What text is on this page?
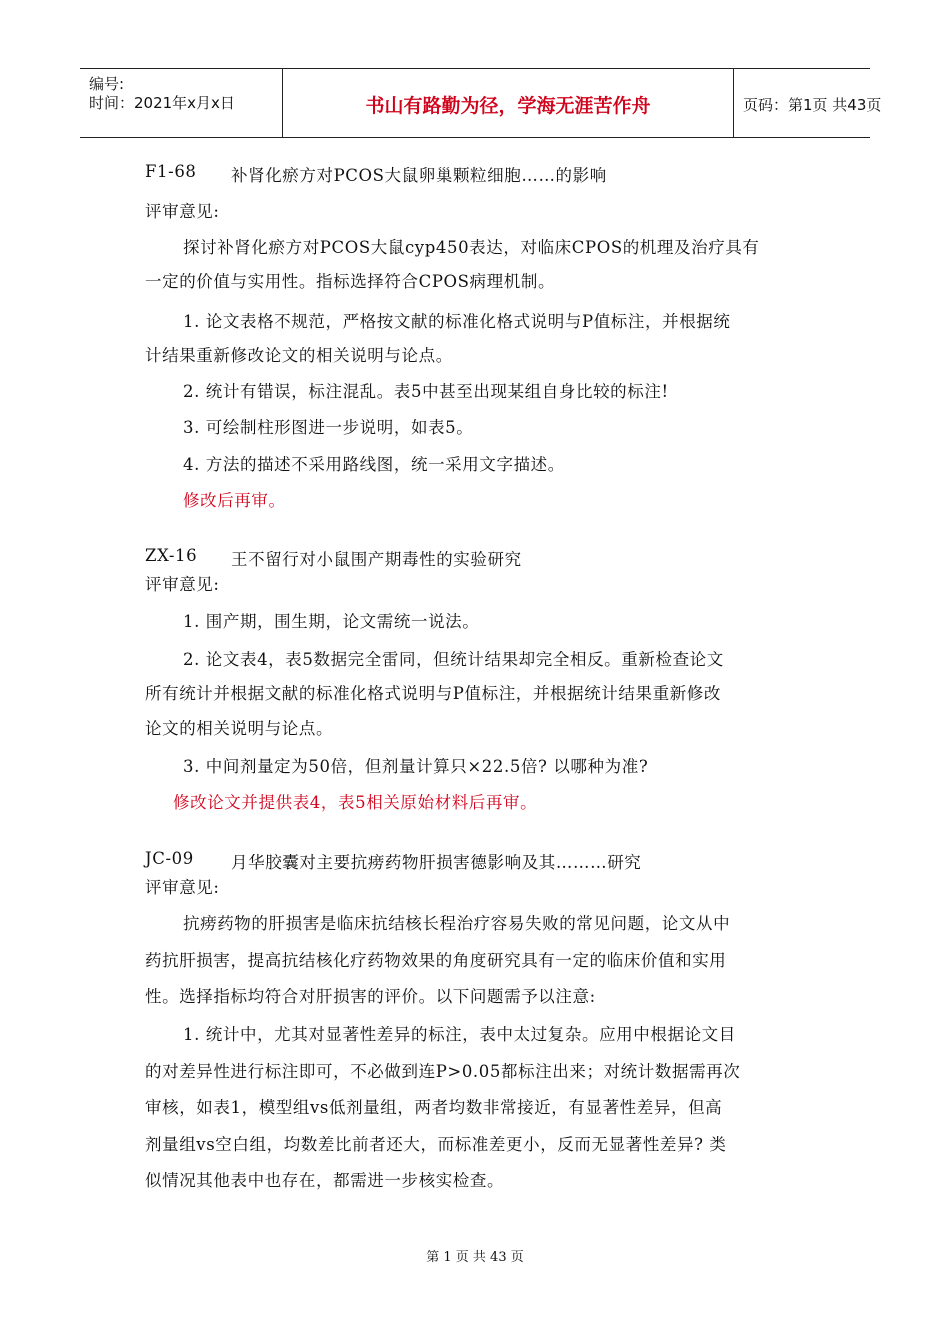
编号:
时间：2021年x月x日	书山有路勤为径，学海无涯苦作舟	页码：第1页 共43页
F1-68 补肾化瘀方对PCOS大鼠卵巢颗粒细胞……的影响
评审意见:
探讨补肾化瘀方对PCOS大鼠cyp450表达，对临床CPOS的机理及治疗具有
一定的价值与实用性。指标选择符合CPOS病理机制。
1. 论文表格不规范，严格按文献的标准化格式说明与P值标注，并根据统
计结果重新修改论文的相关说明与论点。
2. 统计有错误，标注混乱。表5中甚至出现某组自身比较的标注!
3. 可绘制柱形图进一步说明，如表5。
4. 方法的描述不采用路线图，统一采用文字描述。
修改后再审。
ZX-16 王不留行对小鼠围产期毒性的实验研究
评审意见:
1. 围产期，围生期，论文需统一说法。
2. 论文表4，表5数据完全雷同，但统计结果却完全相反。重新检查论文
所有统计并根据文献的标准化格式说明与P值标注，并根据统计结果重新修改
论文的相关说明与论点。
3. 中间剂量定为50倍，但剂量计算只×22.5倍? 以哪种为准?
修改论文并提供表4，表5相关原始材料后再审。
JC-09 月华胶囊对主要抗痨药物肝损害德影响及其………研究
评审意见:
抗痨药物的肝损害是临床抗结核长程治疗容易失败的常见问题，论文从中
药抗肝损害，提高抗结核化疗药物效果的角度研究具有一定的临床价值和实用
性。选择指标均符合对肝损害的评价。以下问题需予以注意:
1. 统计中，尤其对显著性差异的标注，表中太过复杂。应用中根据论文目
的对差异性进行标注即可，不必做到连P>0.05都标注出来；对统计数据需再次
审核，如表1，模型组vs低剂量组，两者均数非常接近，有显著性差异，但高
剂量组vs空白组，均数差比前者还大，而标准差更小，反而无显著性差异? 类
似情况其他表中也存在，都需进一步核实检查。
第 1 页 共 43 页
